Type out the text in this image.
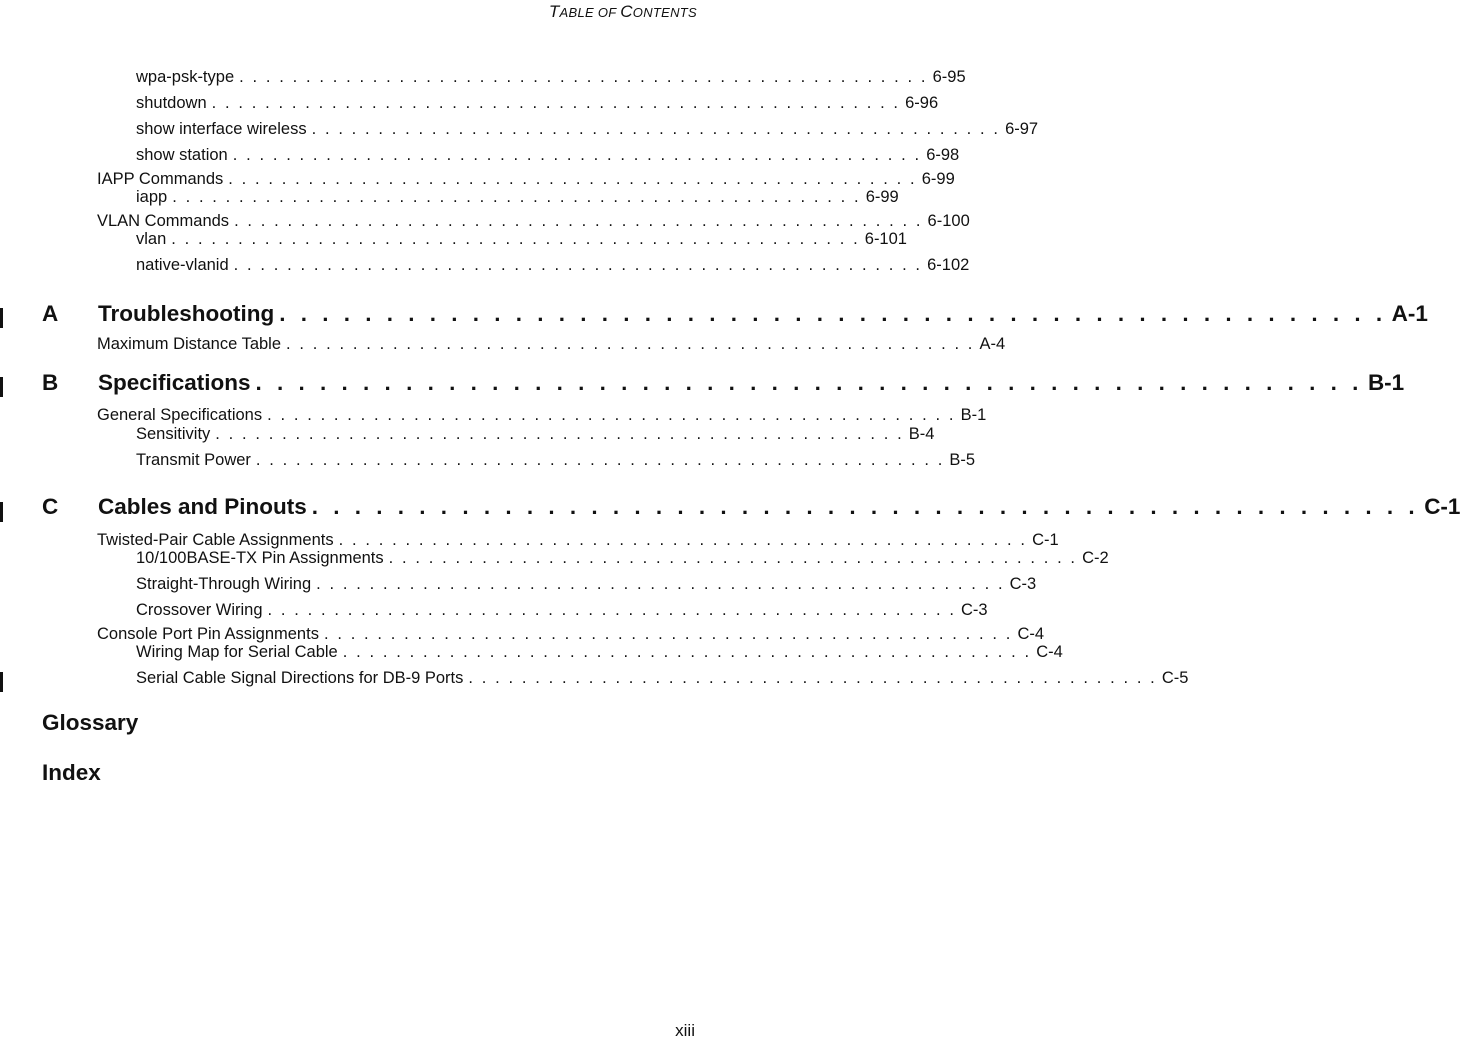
TABLE OF CONTENTS
wpa-psk-type . . . . . . . . . . . . . . . . . . . . . . . . . . . . . . . . . . . . . . . . . . . . . . . . . . . . 6-95
shutdown . . . . . . . . . . . . . . . . . . . . . . . . . . . . . . . . . . . . . . . . . . . . . . . . . . . . 6-96
show interface wireless . . . . . . . . . . . . . . . . . . . . . . . . . . . . . . . . . . . . . . . . . . . . . . . . . . . . 6-97
show station . . . . . . . . . . . . . . . . . . . . . . . . . . . . . . . . . . . . . . . . . . . . . . . . . . . . 6-98
IAPP Commands . . . . . . . . . . . . . . . . . . . . . . . . . . . . . . . . . . . . . . . . . . . . . . . . . . . . 6-99
iapp . . . . . . . . . . . . . . . . . . . . . . . . . . . . . . . . . . . . . . . . . . . . . . . . . . . . 6-99
VLAN Commands . . . . . . . . . . . . . . . . . . . . . . . . . . . . . . . . . . . . . . . . . . . . . . . . . . . . 6-100
vlan . . . . . . . . . . . . . . . . . . . . . . . . . . . . . . . . . . . . . . . . . . . . . . . . . . . . 6-101
native-vlanid . . . . . . . . . . . . . . . . . . . . . . . . . . . . . . . . . . . . . . . . . . . . . . . . . . . . 6-102
A Troubleshooting . . . . . . . . . . . . . . . . . . . . . . . . . . . . . . . . . . . . . . . . . . . . . . . . . . . . A-1
Maximum Distance Table . . . . . . . . . . . . . . . . . . . . . . . . . . . . . . . . . . . . . . . . . . . . . . . . . . . . A-4
B Specifications . . . . . . . . . . . . . . . . . . . . . . . . . . . . . . . . . . . . . . . . . . . . . . . . . . . . B-1
General Specifications . . . . . . . . . . . . . . . . . . . . . . . . . . . . . . . . . . . . . . . . . . . . . . . . . . . . B-1
Sensitivity . . . . . . . . . . . . . . . . . . . . . . . . . . . . . . . . . . . . . . . . . . . . . . . . . . . . B-4
Transmit Power . . . . . . . . . . . . . . . . . . . . . . . . . . . . . . . . . . . . . . . . . . . . . . . . . . . . B-5
C Cables and Pinouts . . . . . . . . . . . . . . . . . . . . . . . . . . . . . . . . . . . . . . . . . . . . . . . . . . . . C-1
Twisted-Pair Cable Assignments . . . . . . . . . . . . . . . . . . . . . . . . . . . . . . . . . . . . . . . . . . . . . . . . . . . . C-1
10/100BASE-TX Pin Assignments . . . . . . . . . . . . . . . . . . . . . . . . . . . . . . . . . . . . . . . . . . . . . . . . . . . . C-2
Straight-Through Wiring . . . . . . . . . . . . . . . . . . . . . . . . . . . . . . . . . . . . . . . . . . . . . . . . . . . . C-3
Crossover Wiring . . . . . . . . . . . . . . . . . . . . . . . . . . . . . . . . . . . . . . . . . . . . . . . . . . . . C-3
Console Port Pin Assignments . . . . . . . . . . . . . . . . . . . . . . . . . . . . . . . . . . . . . . . . . . . . . . . . . . . . C-4
Wiring Map for Serial Cable . . . . . . . . . . . . . . . . . . . . . . . . . . . . . . . . . . . . . . . . . . . . . . . . . . . . C-4
Serial Cable Signal Directions for DB-9 Ports . . . . . . . . . . . . . . . . . . . . . . . . . . . . . . . . . . . . . . . . . . . . . . . . . . . . C-5
Glossary
Index
xiii
